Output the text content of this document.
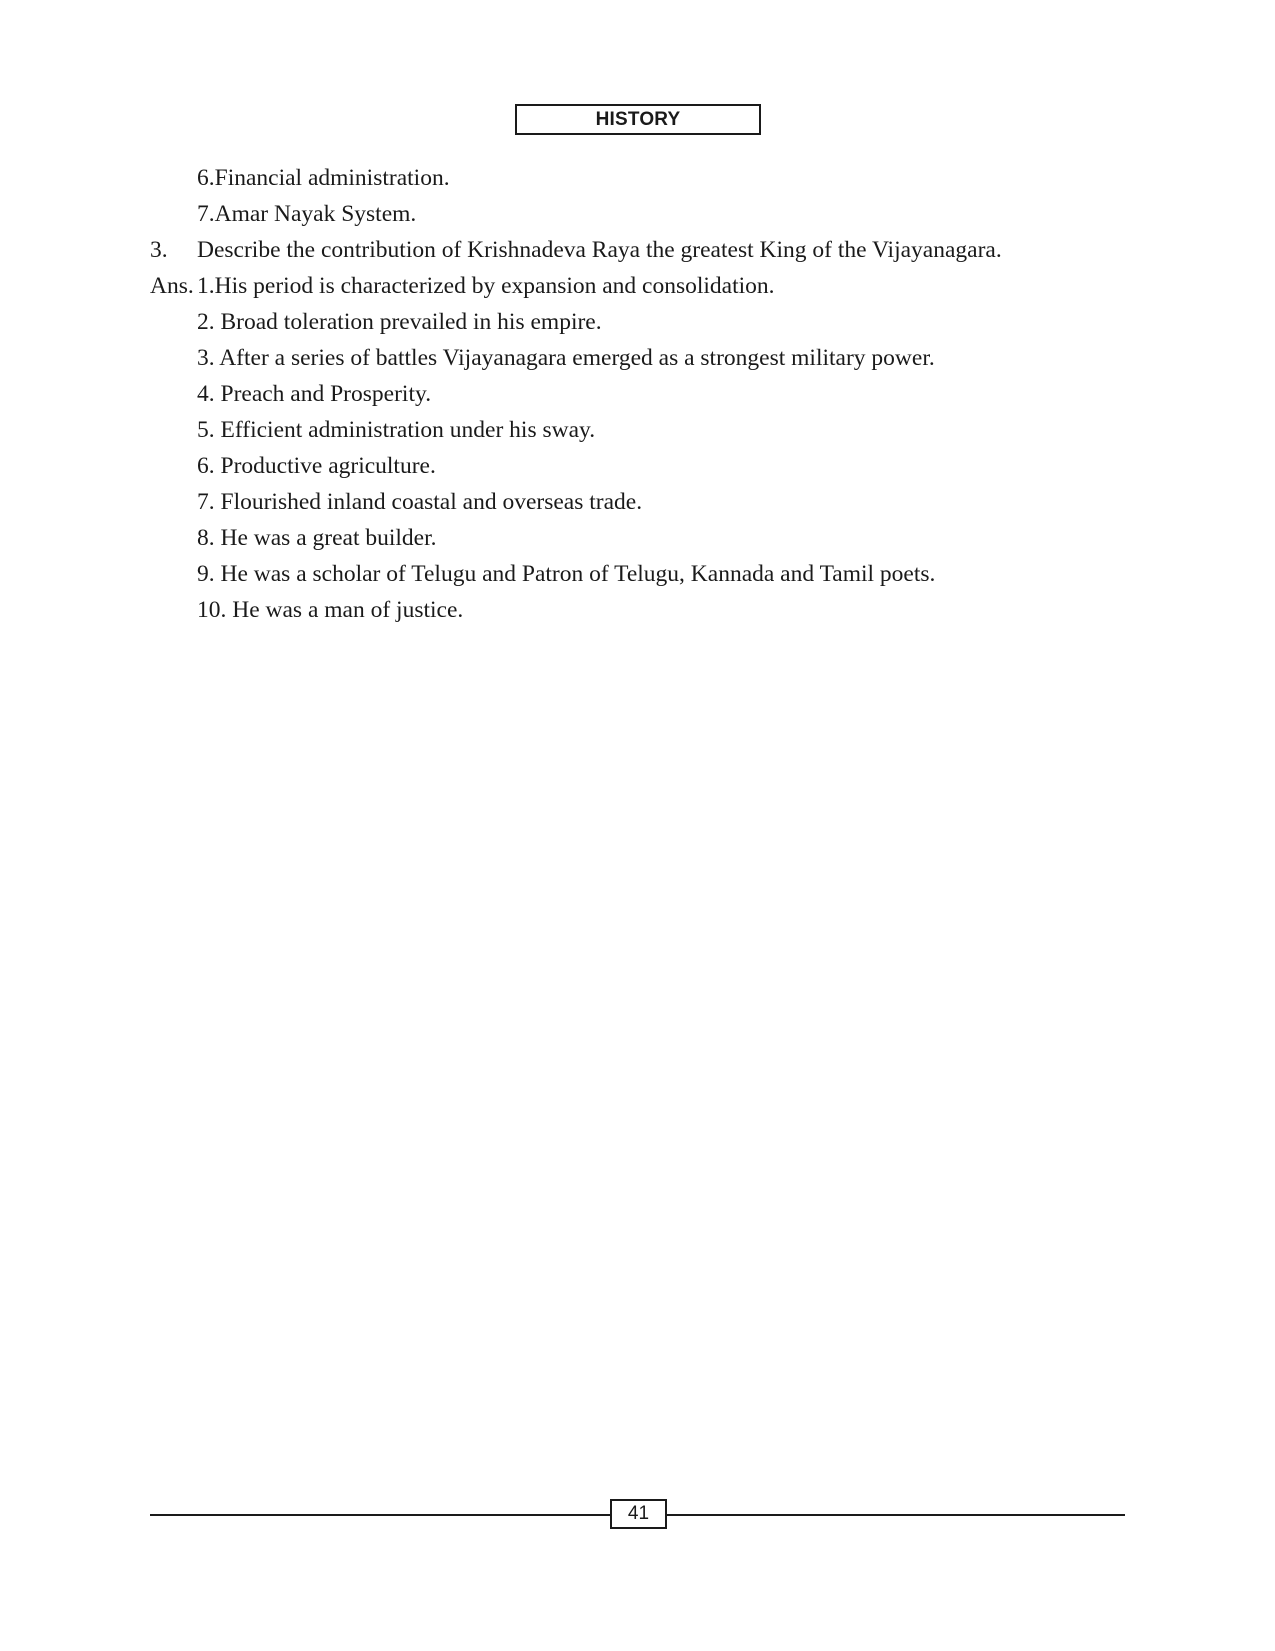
HISTORY
6.Financial administration.
7.Amar Nayak System.
3. Describe the contribution of Krishnadeva Raya the greatest King of the Vijayanagara.
Ans. 1.His period is characterized by expansion and consolidation.
2. Broad toleration prevailed in his empire.
3. After a series of battles Vijayanagara emerged as a strongest military power.
4. Preach and Prosperity.
5. Efficient administration under his sway.
6. Productive agriculture.
7. Flourished inland coastal and overseas trade.
8. He was a great builder.
9. He was a scholar of Telugu and Patron of Telugu, Kannada and Tamil poets.
10. He was a man of justice.
41
